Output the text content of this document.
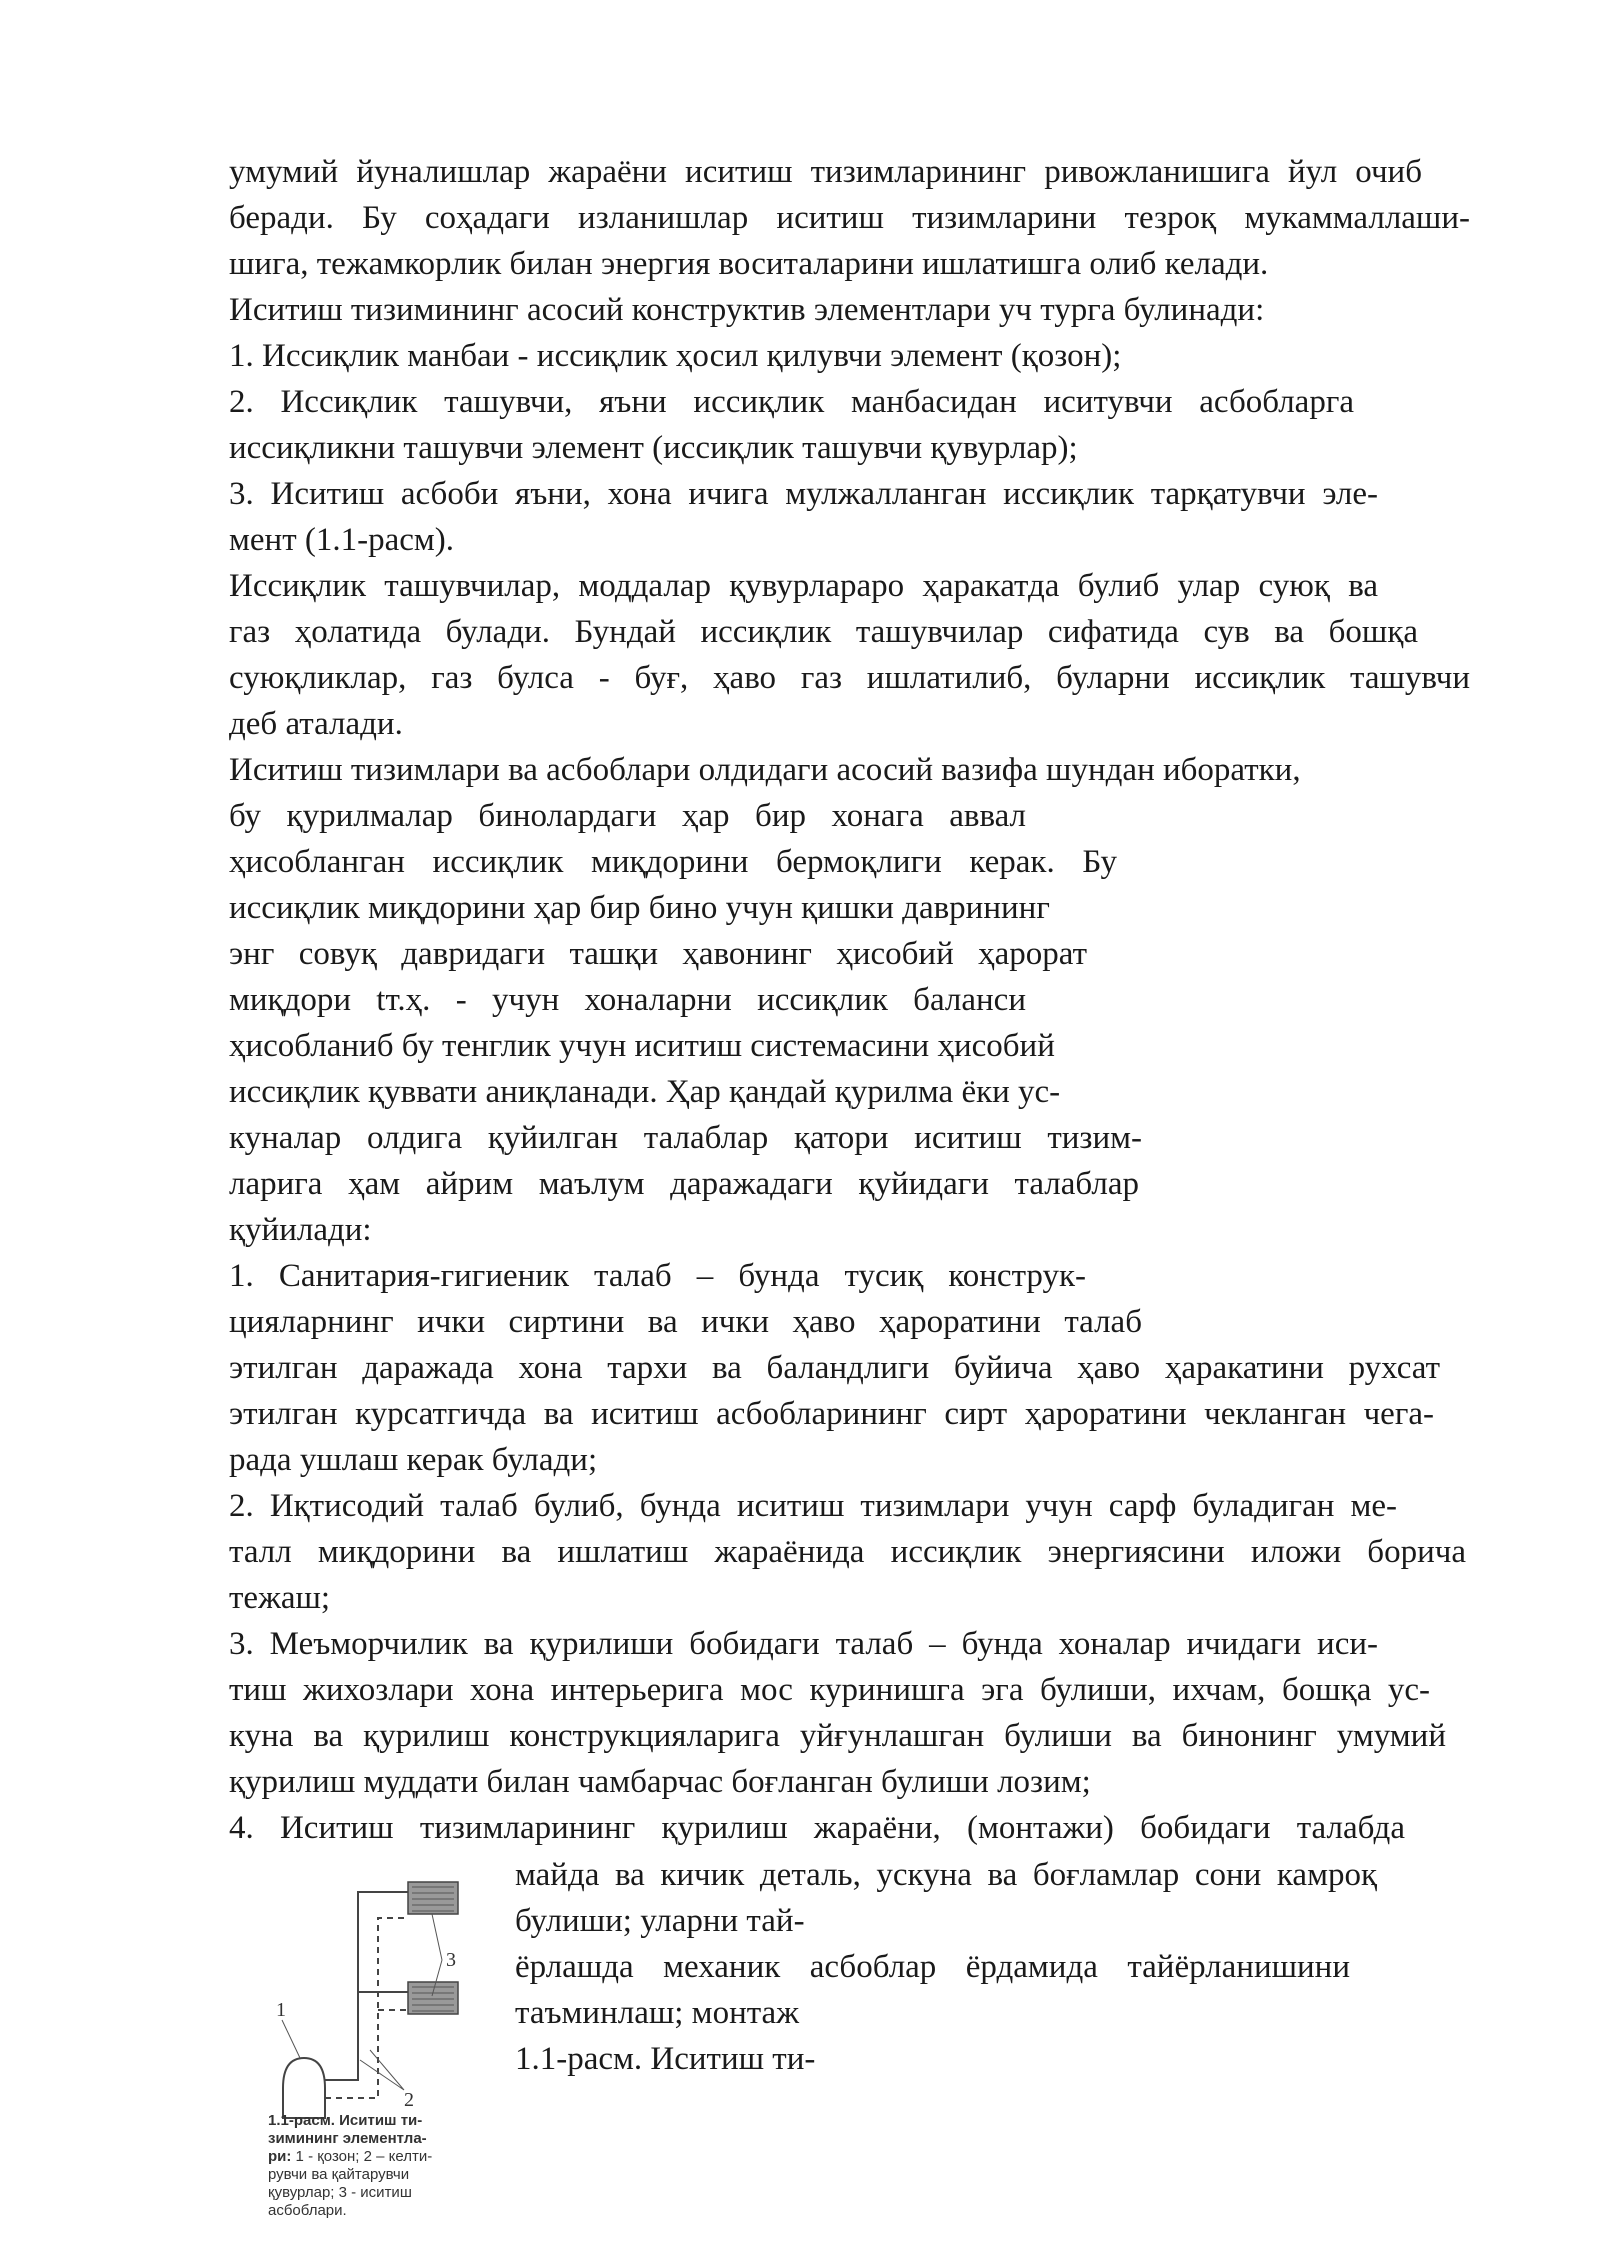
умумий йуналишлар жараёни иситиш тизимларининг ривожланишига йул очиб
беради. Бу соҳадаги изланишлар иситиш тизимларини тезроқ мукаммаллаши-
шига, тежамкорлик билан энергия воситаларини ишлатишга олиб келади.
Иситиш тизимининг асосий конструктив элементлари уч турга булинади:
1. Иссиқлик манбаи - иссиқлик ҳосил қилувчи элемент (қозон);
2. Иссиқлик ташувчи, яъни иссиқлик манбасидан иситувчи асбобларга
иссиқликни ташувчи элемент (иссиқлик ташувчи қувурлар);
3. Иситиш асбоби яъни, хона ичига мулжалланган иссиқлик тарқатувчи эле-
мент (1.1-расм).
Иссиқлик ташувчилар, моддалар қувурлараро ҳаракатда булиб улар суюқ ва
газ ҳолатида булади. Бундай иссиқлик ташувчилар сифатида сув ва бошқа
суюқликлар, газ булса - буғ, ҳаво газ ишлатилиб, буларни иссиқлик ташувчи
деб аталади.
Иситиш тизимлари ва асбоблари олдидаги асосий вазифа шундан иборатки,
бу қурилмалар бинолардаги ҳар бир хонага аввал
ҳисобланган иссиқлик миқдорини бермоқлиги керак. Бу
иссиқлик миқдорини ҳар бир бино учун қишки даврининг
энг совуқ давридаги ташқи ҳавонинг ҳисобий ҳарорат
миқдори tт.ҳ. - учун хоналарни иссиқлик баланси
ҳисобланиб бу тенглик учун иситиш системасини ҳисобий
иссиқлик қуввати аниқланади. Ҳар қандай қурилма ёки ус-
куналар олдига қуйилган талаблар қатори иситиш тизим-
ларига ҳам айрим маълум даражадаги қуйидаги талаблар
қуйилади:
1. Санитария-гигиеник талаб – бунда тусиқ конструк-
цияларнинг ички сиртини ва ички ҳаво ҳароратини талаб
этилган даражада хона тархи ва баландлиги буйича ҳаво ҳаракатини рухсат
этилган курсатгичда ва иситиш асбобларининг сирт ҳароратини чекланган чега-
рада ушлаш керак булади;
2. Иқтисодий талаб булиб, бунда иситиш тизимлари учун сарф буладиган ме-
талл миқдорини ва ишлатиш жараёнида иссиқлик энергиясини иложи борича
тежаш;
3. Меъморчилик ва қурилиши бобидаги талаб – бунда хоналар ичидаги иси-
тиш жихозлари хона интерьерига мос куринишга эга булиши, ихчам, бошқа ус-
куна ва қурилиш конструкцияларига уйғунлашган булиши ва бинонинг умумий
қурилиш муддати билан чамбарчас боғланган булиши лозим;
4. Иситиш тизимларининг қурилиш жараёни, (монтажи) бобидаги талабда
майда ва кичик деталь, ускуна ва боғламлар сони камроқ
булиши; уларни тай-
ёрлашда механик асбоблар ёрдамида тайёрланишини
таъминлаш; монтаж
1.1-расм. Иситиш ти-
1
2
3
1.1-расм. Иситиш ти-
зимининг элементла-
ри: 1 - қозон; 2 – келти-
рувчи ва қайтарувчи
қувурлар; 3 - иситиш
асбоблари.
